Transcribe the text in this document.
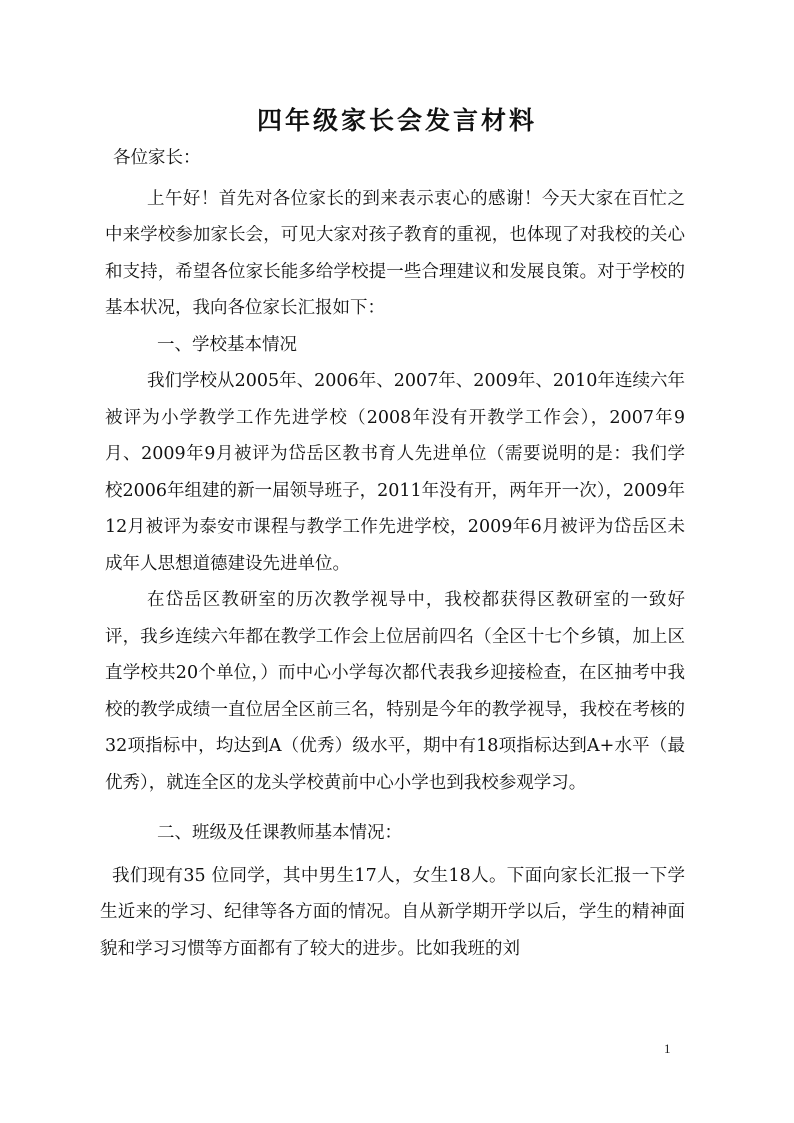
四年级家长会发言材料

各位家长：

上午好！首先对各位家长的到来表示衷心的感谢！今天大家在百忙之中来学校参加家长会，可见大家对孩子教育的重视，也体现了对我校的关心和支持，希望各位家长能多给学校提一些合理建议和发展良策。对于学校的基本状况，我向各位家长汇报如下：

一、学校基本情况

我们学校从2005年、2006年、2007年、2009年、2010年连续六年被评为小学教学工作先进学校（2008年没有开教学工作会），2007年9月、2009年9月被评为岱岳区教书育人先进单位（需要说明的是：我们学校2006年组建的新一届领导班子，2011年没有开，两年开一次），2009年12月被评为泰安市课程与教学工作先进学校，2009年6月被评为岱岳区未成年人思想道德建设先进单位。

在岱岳区教研室的历次教学视导中，我校都获得区教研室的一致好评，我乡连续六年都在教学工作会上位居前四名（全区十七个乡镇，加上区直学校共20个单位，）而中心小学每次都代表我乡迎接检查，在区抽考中我校的教学成绩一直位居全区前三名，特别是今年的教学视导，我校在考核的32项指标中，均达到A（优秀）级水平，期中有18项指标达到A+水平（最优秀），就连全区的龙头学校黄前中心小学也到我校参观学习。

二、班级及任课教师基本情况：

我们现有35 位同学，其中男生17人，女生18人。下面向家长汇报一下学生近来的学习、纪律等各方面的情况。自从新学期开学以后，学生的精神面貌和学习习惯等方面都有了较大的进步。比如我班的刘

1
